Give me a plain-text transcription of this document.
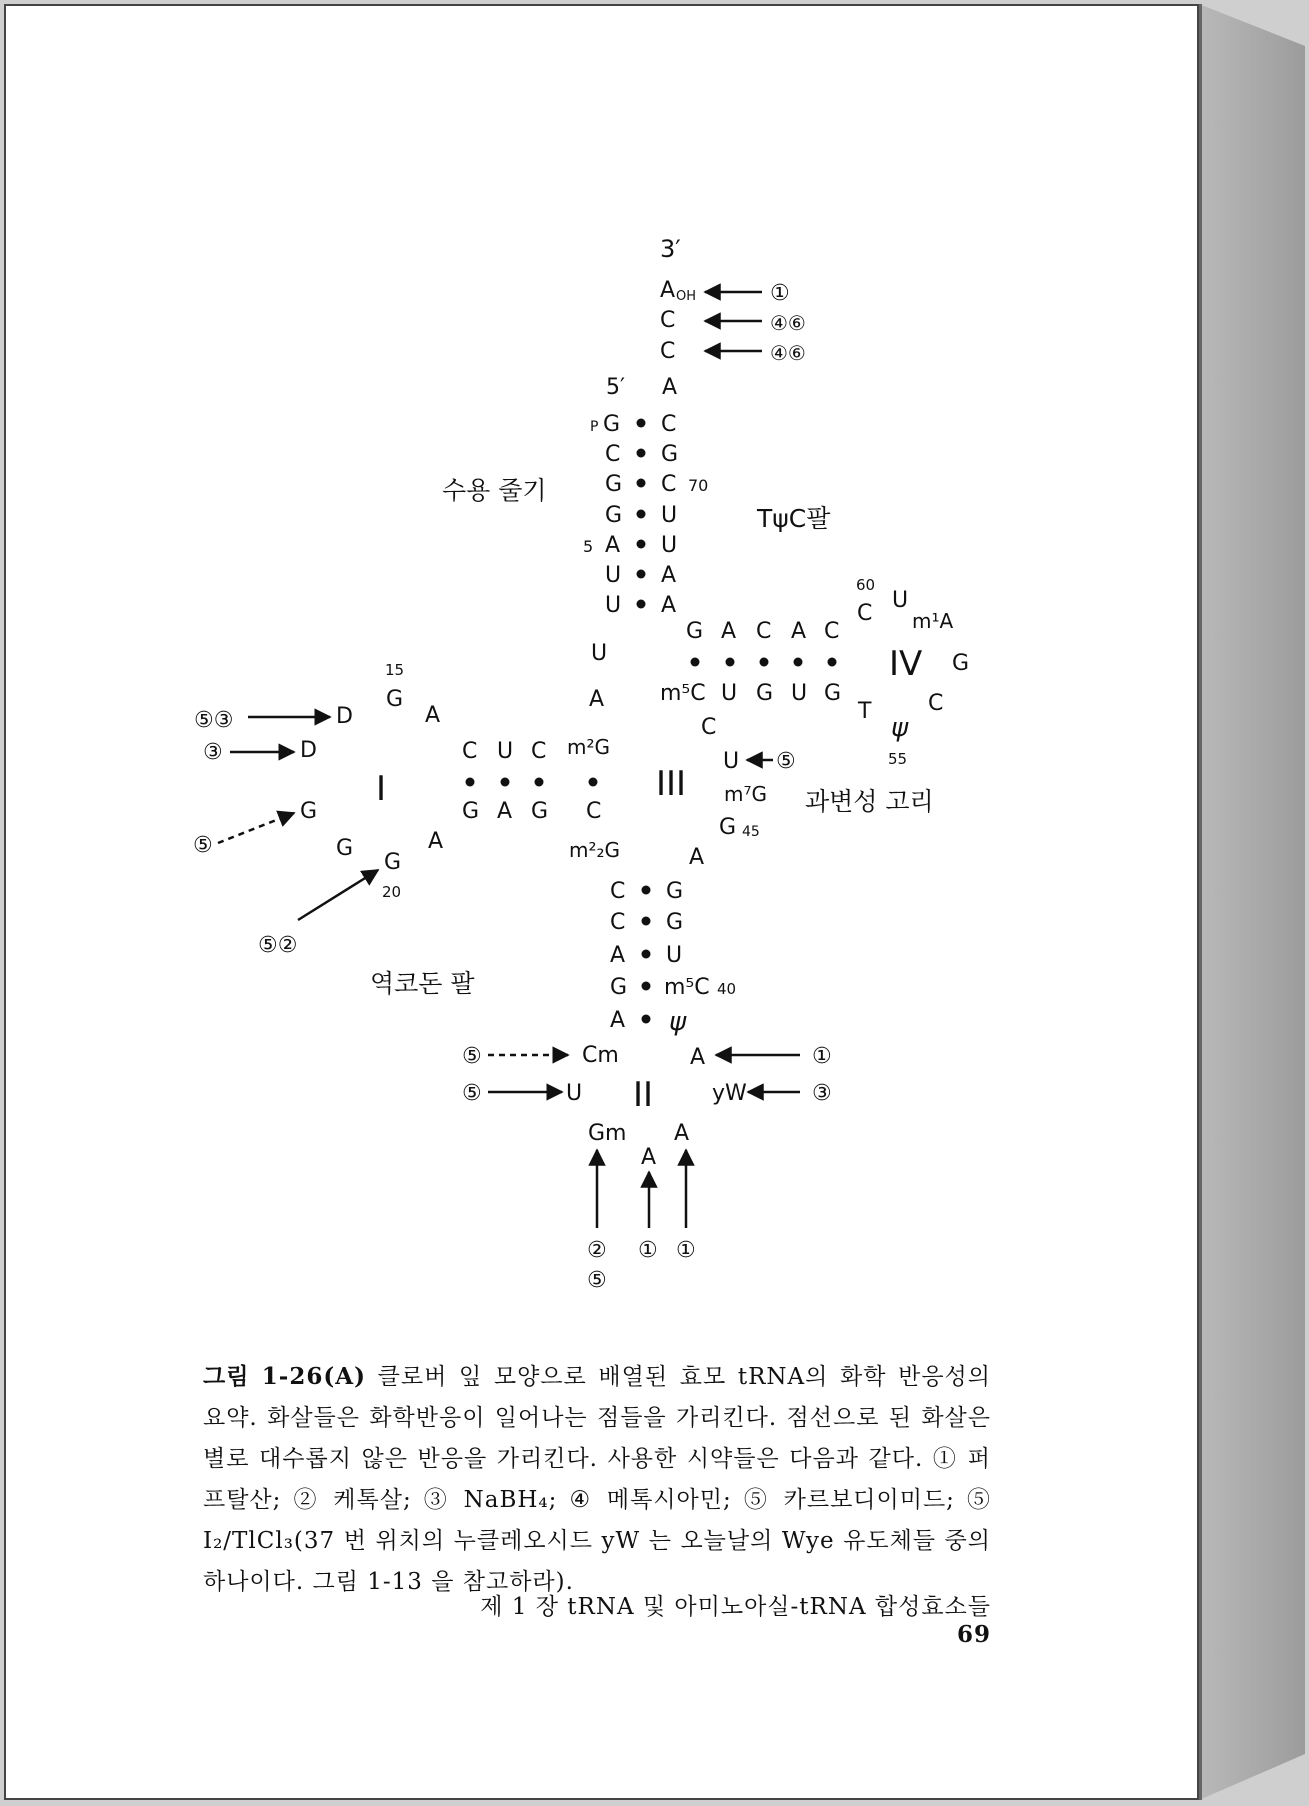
3′
A OH
C
C
5′ A
①
④⑥
④⑥
P G
C
G
G
A
U
U
C
G
C
U
U
A
A
70
5
수용 줄기
TψC팔
G A C A C
m⁵C U G U G
60
C
U
m¹A
IV G
C
ψ
T
55
U
A
C
U ⑤
m⁷G
G 45
A
m²G
m²₂G
III	과변성 고리
15
G
A
D
D	C U C
G A G C
I
G
G
G
20
A
⑤③
③
⑤
⑤②
C
C
A
G
A
G
G
U
m⁵C
ψ
40
역코돈 팔
⑤	Cm	A	①
⑤	U II	yW	③
Gm
A
A
②
⑤
① ①
그림 1-26(A) 클로버 잎 모양으로 배열된 효모 tRNA의 화학 반응성의 요약. 화살들은 화학반응이 일어나는 점들을 가리킨다. 점선으로 된 화살은 별로 대수롭지 않은 반응을 가리킨다. 사용한 시약들은 다음과 같다. ① 퍼프탈산; ② 케톡살; ③ NaBH₄; ④ 메톡시아민; ⑤ 카르보디이미드; ⑤ I₂/TlCl₃(37 번 위치의 누클레오시드 yW 는 오늘날의 Wye 유도체들 중의 하나이다. 그림 1-13 을 참고하라).
제 1 장 tRNA 및 아미노아실-tRNA 합성효소들 69
